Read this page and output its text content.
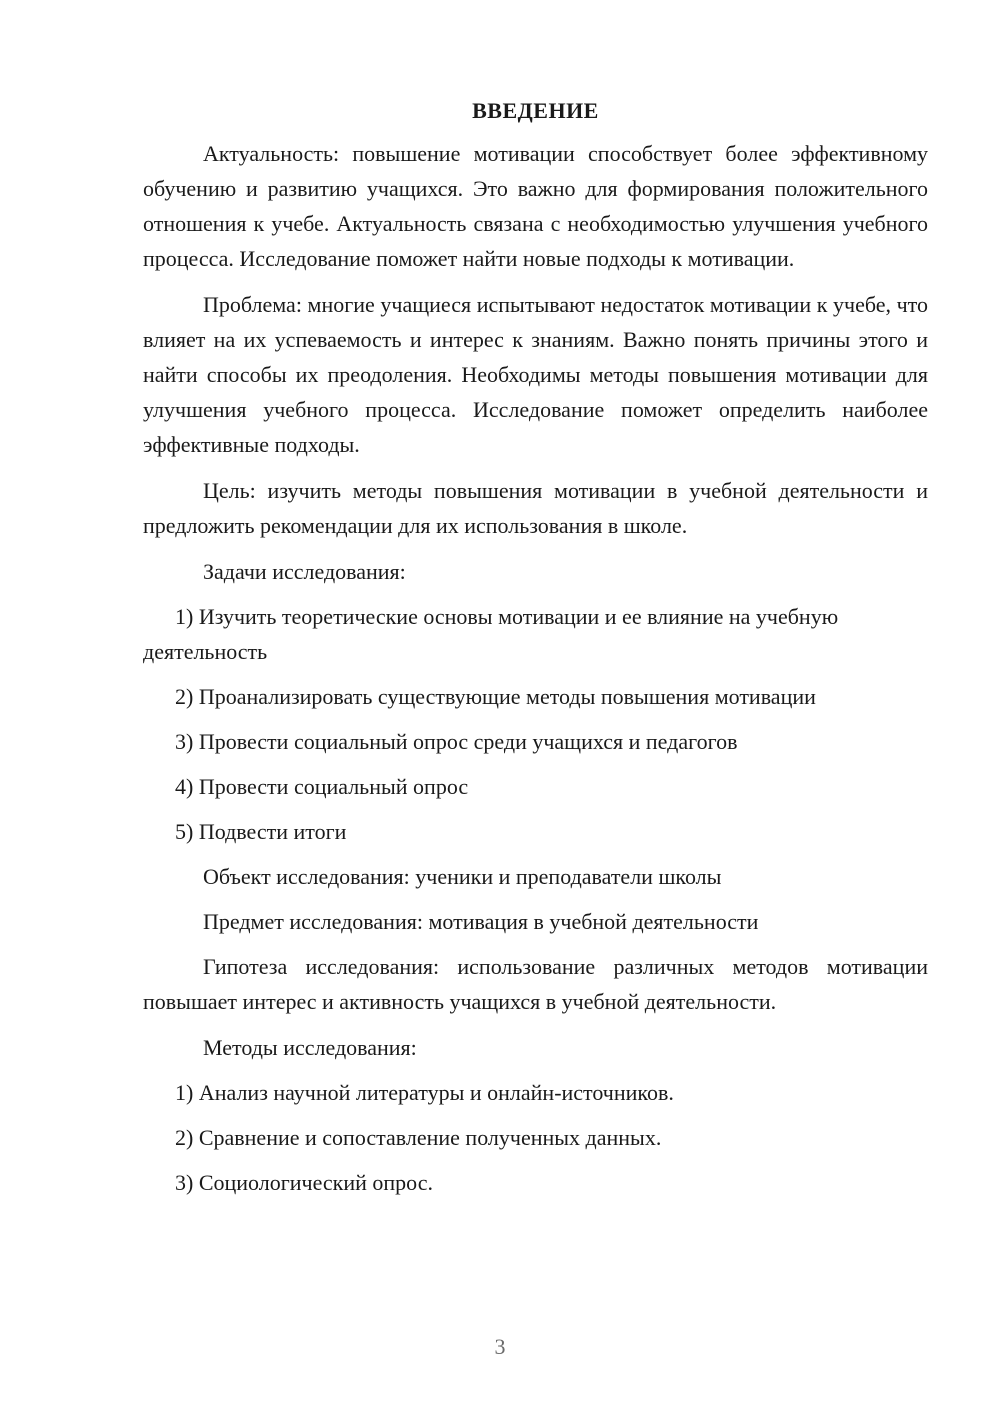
ВВЕДЕНИЕ

Актуальность: повышение мотивации способствует более эффективному обучению и развитию учащихся. Это важно для формирования положительного отношения к учебе. Актуальность связана с необходимостью улучшения учебного процесса. Исследование поможет найти новые подходы к мотивации.

Проблема: многие учащиеся испытывают недостаток мотивации к учебе, что влияет на их успеваемость и интерес к знаниям. Важно понять причины этого и найти способы их преодоления. Необходимы методы повышения мотивации для улучшения учебного процесса. Исследование поможет определить наиболее эффективные подходы.

Цель: изучить методы повышения мотивации в учебной деятельности и предложить рекомендации для их использования в школе.

Задачи исследования:
1) Изучить теоретические основы мотивации и ее влияние на учебную деятельность
2) Проанализировать существующие методы повышения мотивации
3) Провести социальный опрос среди учащихся и педагогов
4) Провести социальный опрос
5) Подвести итоги
Объект исследования: ученики и преподаватели школы
Предмет исследования: мотивация в учебной деятельности

Гипотеза исследования: использование различных методов мотивации повышает интерес и активность учащихся в учебной деятельности.

Методы исследования:
1) Анализ научной литературы и онлайн-источников.
2) Сравнение и сопоставление полученных данных.
3) Социологический опрос.
3
